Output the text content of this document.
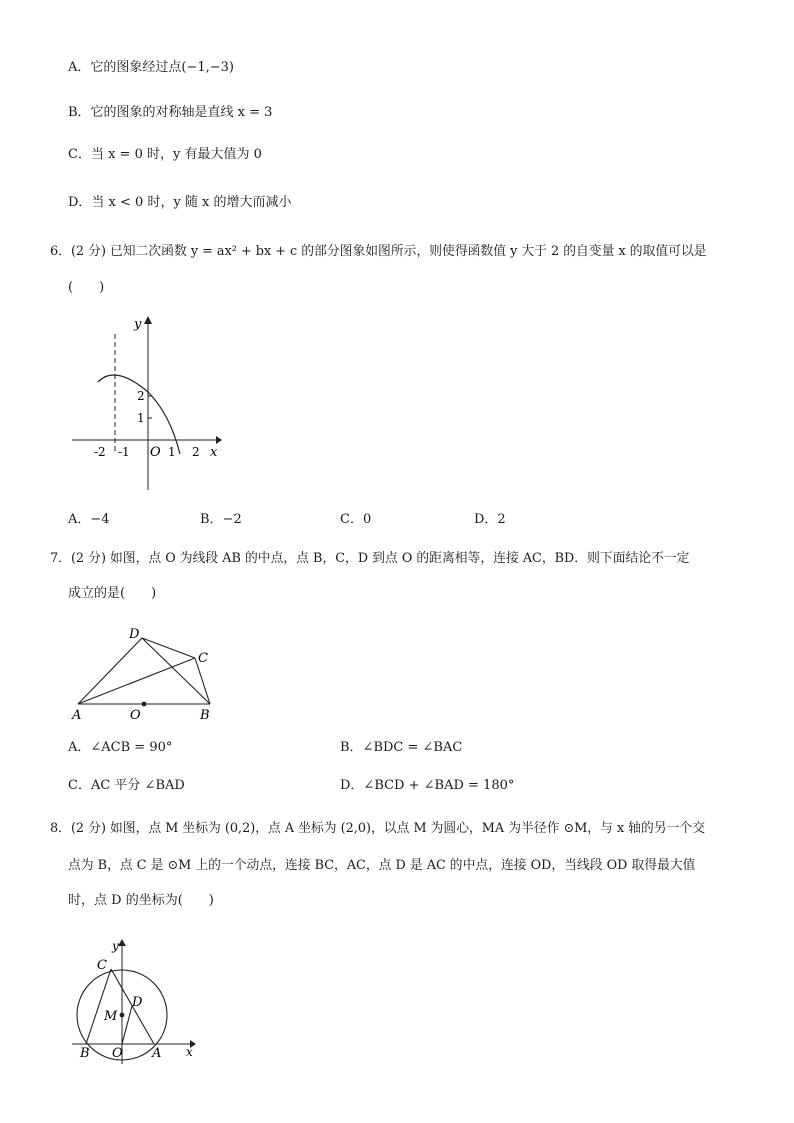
A．它的图象经过点(−1,−3)
B．它的图象的对称轴是直线 x = 3
C．当 x = 0 时，y 有最大值为 0
D．当 x < 0 时，y 随 x 的增大而减小
6．(2 分) 已知二次函数 y = ax² + bx + c 的部分图象如图所示，则使得函数值 y 大于 2 的自变量 x 的取值可以是
(　　)
y
x
O
2
1
-2 -1	1 2
A．−4	B．−2	C．0	D．2
7．(2 分) 如图，点 O 为线段 AB 的中点，点 B，C，D 到点 O 的距离相等，连接 AC，BD．则下面结论不一定
成立的是(　　)
A	O	B
D
C
A．∠ACB = 90°	B．∠BDC = ∠BAC
C．AC 平分 ∠BAD	D．∠BCD + ∠BAD = 180°
8．(2 分) 如图，点 M 坐标为 (0,2)，点 A 坐标为 (2,0)，以点 M 为圆心，MA 为半径作 ⊙M，与 x 轴的另一个交
点为 B，点 C 是 ⊙M 上的一个动点，连接 BC，AC，点 D 是 AC 的中点，连接 OD，当线段 OD 取得最大值
时，点 D 的坐标为(　　)
y
x
C
D
M
B O A
